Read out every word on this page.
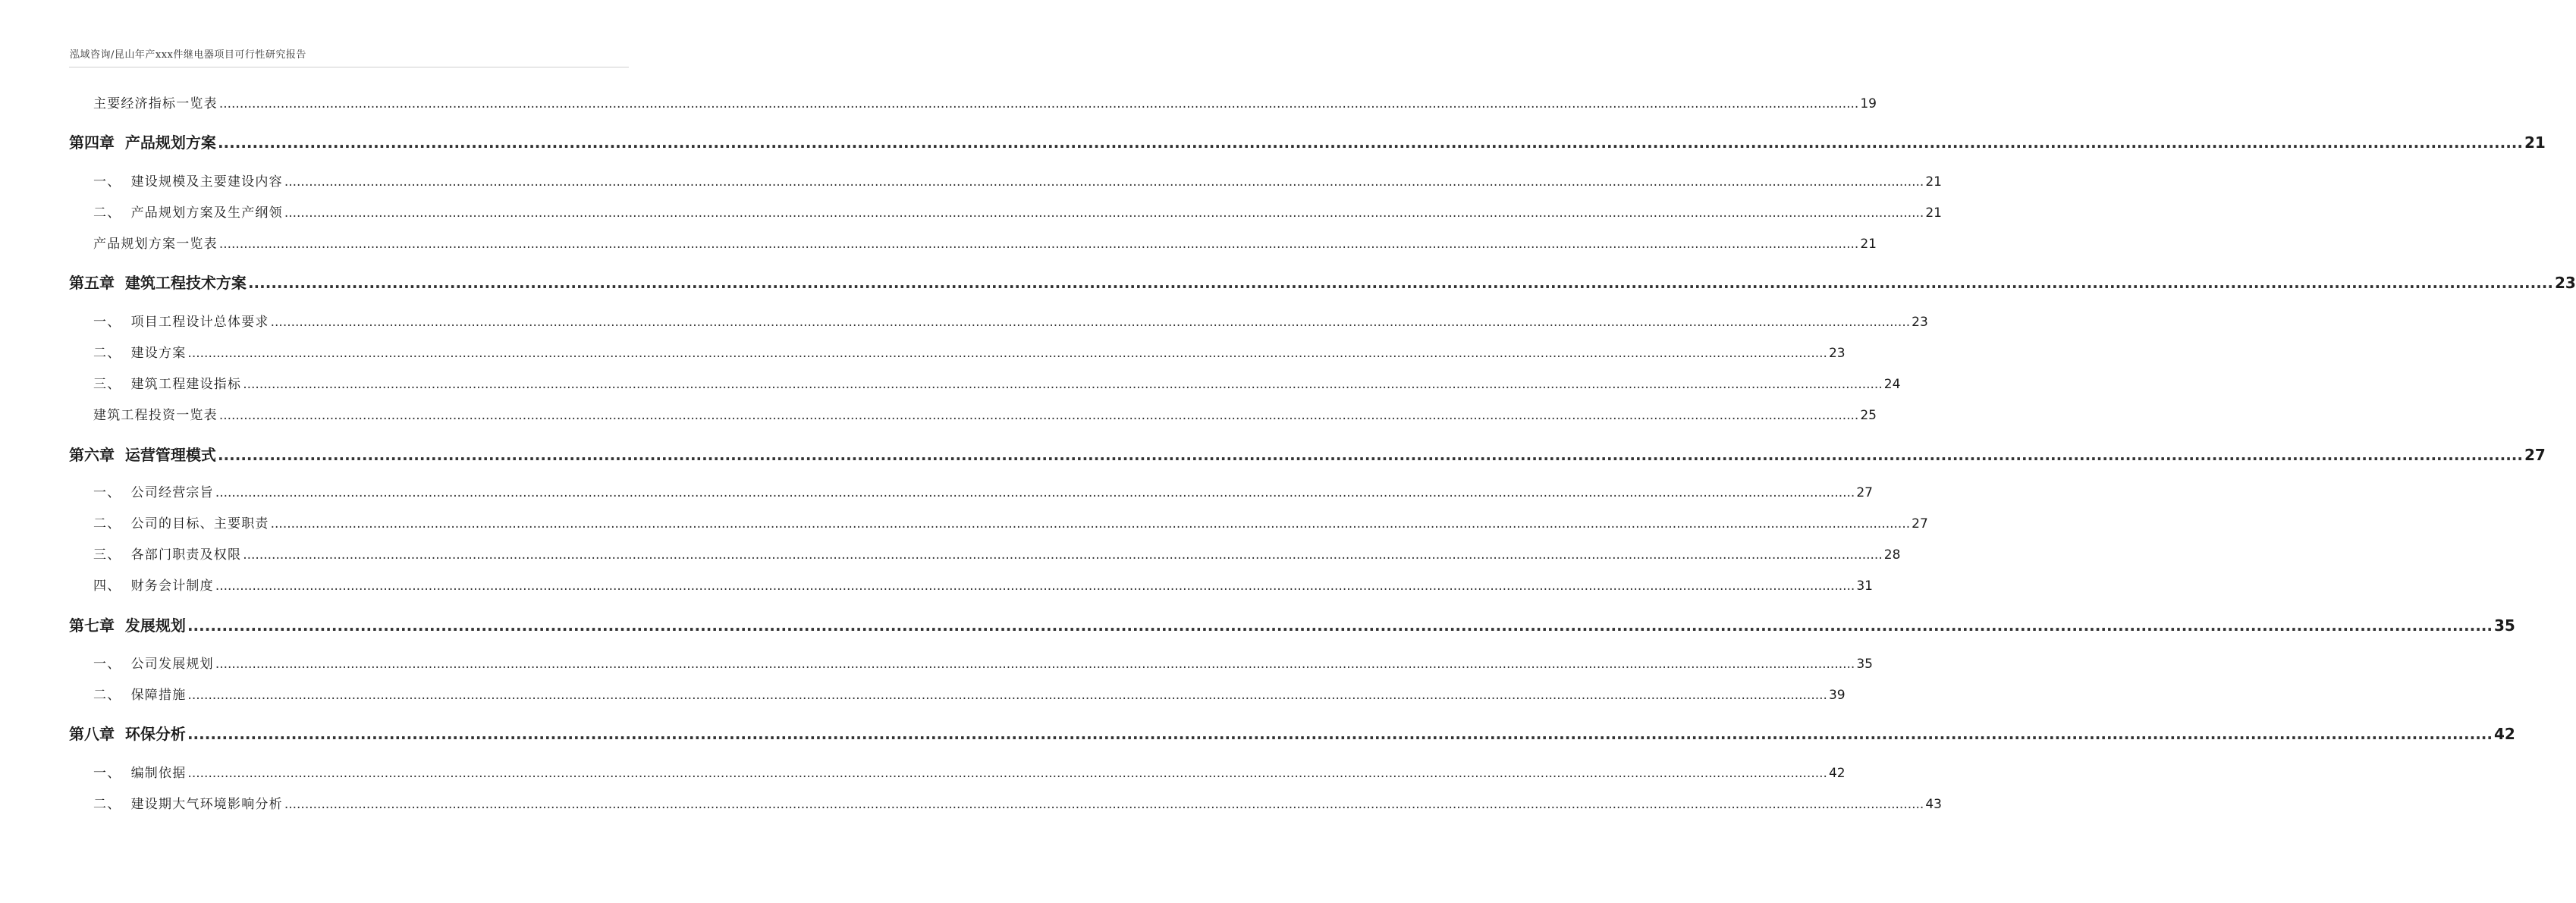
泓域咨询/昆山年产xxx件继电器项目可行性研究报告
主要经济指标一览表 ................................................................................................................................................................................................................................................................................................................................................................................................................ 19
第四章  产品规划方案 ................................................................................................................................................................................................................................................................................................................................................................................................................ 21
一、  建设规模及主要建设内容 ................................................................................................................................................................................................................................................................................................................................................................................................................ 21
二、  产品规划方案及生产纲领 ................................................................................................................................................................................................................................................................................................................................................................................................................ 21
产品规划方案一览表 ................................................................................................................................................................................................................................................................................................................................................................................................................ 21
第五章  建筑工程技术方案 ................................................................................................................................................................................................................................................................................................................................................................................................................ 23
一、  项目工程设计总体要求 ................................................................................................................................................................................................................................................................................................................................................................................................................ 23
二、  建设方案 ................................................................................................................................................................................................................................................................................................................................................................................................................ 23
三、  建筑工程建设指标 ................................................................................................................................................................................................................................................................................................................................................................................................................ 24
建筑工程投资一览表 ................................................................................................................................................................................................................................................................................................................................................................................................................ 25
第六章  运营管理模式 ................................................................................................................................................................................................................................................................................................................................................................................................................ 27
一、  公司经营宗旨 ................................................................................................................................................................................................................................................................................................................................................................................................................ 27
二、  公司的目标、主要职责 ................................................................................................................................................................................................................................................................................................................................................................................................................ 27
三、  各部门职责及权限 ................................................................................................................................................................................................................................................................................................................................................................................................................ 28
四、  财务会计制度 ................................................................................................................................................................................................................................................................................................................................................................................................................ 31
第七章  发展规划 ................................................................................................................................................................................................................................................................................................................................................................................................................ 35
一、  公司发展规划 ................................................................................................................................................................................................................................................................................................................................................................................................................ 35
二、  保障措施 ................................................................................................................................................................................................................................................................................................................................................................................................................ 39
第八章  环保分析 ................................................................................................................................................................................................................................................................................................................................................................................................................ 42
一、  编制依据 ................................................................................................................................................................................................................................................................................................................................................................................................................ 42
二、  建设期大气环境影响分析 ................................................................................................................................................................................................................................................................................................................................................................................................................ 43
